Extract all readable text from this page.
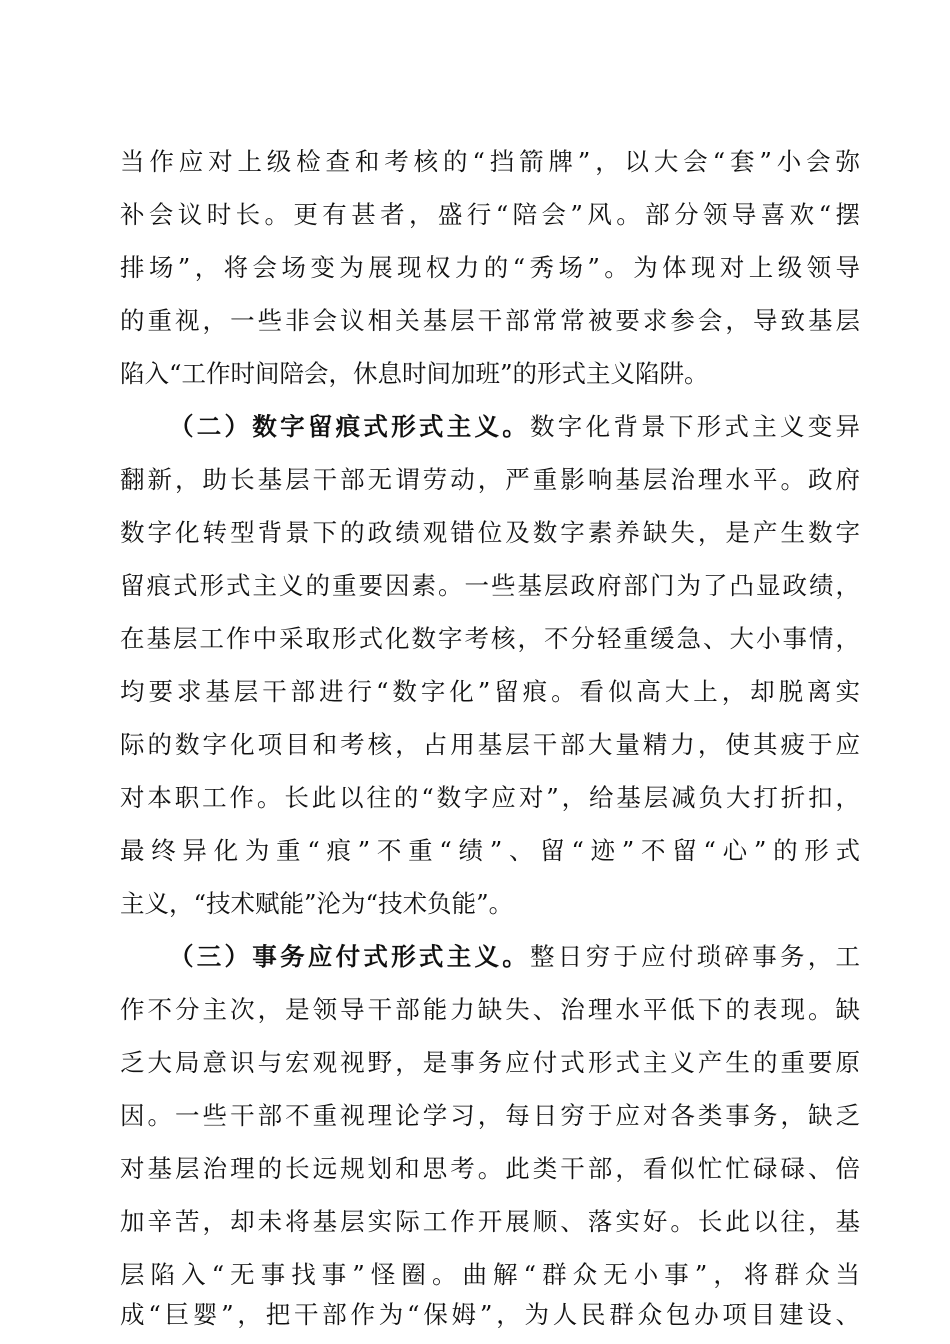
当作应对上级检查和考核的“挡箭牌”，以大会“套”小会弥
补会议时长。更有甚者，盛行“陪会”风。部分领导喜欢“摆
排场”，将会场变为展现权力的“秀场”。为体现对上级领导
的重视，一些非会议相关基层干部常常被要求参会，导致基层
陷入“工作时间陪会，休息时间加班”的形式主义陷阱。
（二）数字留痕式形式主义。数字化背景下形式主义变异
翻新，助长基层干部无谓劳动，严重影响基层治理水平。政府
数字化转型背景下的政绩观错位及数字素养缺失，是产生数字
留痕式形式主义的重要因素。一些基层政府部门为了凸显政绩，
在基层工作中采取形式化数字考核，不分轻重缓急、大小事情，
均要求基层干部进行“数字化”留痕。看似高大上，却脱离实
际的数字化项目和考核，占用基层干部大量精力，使其疲于应
对本职工作。长此以往的“数字应对”，给基层减负大打折扣，
最终异化为重“痕”不重“绩”、留“迹”不留“心”的形式
主义，“技术赋能”沦为“技术负能”。
（三）事务应付式形式主义。整日穷于应付琐碎事务，工
作不分主次，是领导干部能力缺失、治理水平低下的表现。缺
乏大局意识与宏观视野，是事务应付式形式主义产生的重要原
因。一些干部不重视理论学习，每日穷于应对各类事务，缺乏
对基层治理的长远规划和思考。此类干部，看似忙忙碌碌、倍
加辛苦，却未将基层实际工作开展顺、落实好。长此以往，基
层陷入“无事找事”怪圈。曲解“群众无小事”，将群众当
成“巨婴”，把干部作为“保姆”，为人民群众包办项目建设、
